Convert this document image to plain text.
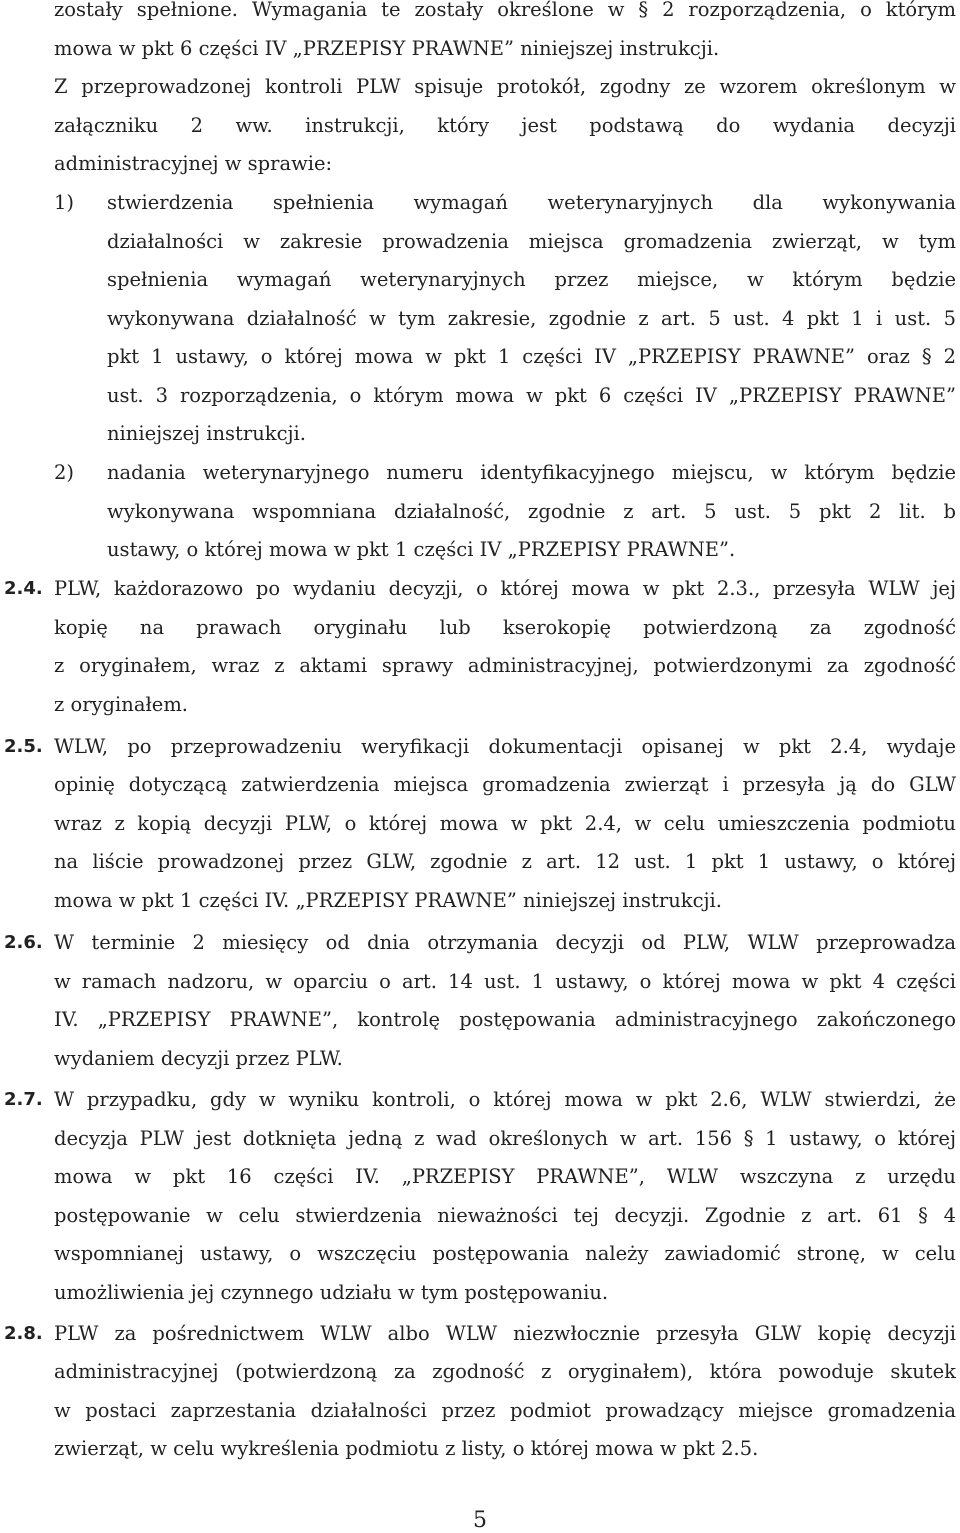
zostały spełnione. Wymagania te zostały określone w § 2 rozporządzenia, o którym
mowa w pkt 6 części IV „PRZEPISY PRAWNE” niniejszej instrukcji.
Z przeprowadzonej kontroli PLW spisuje protokół, zgodny ze wzorem określonym w
załączniku 2 ww. instrukcji, który jest podstawą do wydania decyzji
administracyjnej w sprawie:
1) stwierdzenia spełnienia wymagań weterynaryjnych dla wykonywania
działalności w zakresie prowadzenia miejsca gromadzenia zwierząt, w tym
spełnienia wymagań weterynaryjnych przez miejsce, w którym będzie
wykonywana działalność w tym zakresie, zgodnie z art. 5 ust. 4 pkt 1 i ust. 5
pkt 1 ustawy, o której mowa w pkt 1 części IV „PRZEPISY PRAWNE” oraz § 2
ust. 3 rozporządzenia, o którym mowa w pkt 6 części IV „PRZEPISY PRAWNE”
niniejszej instrukcji.
2) nadania weterynaryjnego numeru identyfikacyjnego miejscu, w którym będzie
wykonywana wspomniana działalność, zgodnie z art. 5 ust. 5 pkt 2 lit. b
ustawy, o której mowa w pkt 1 części IV „PRZEPISY PRAWNE”.
2.4. PLW, każdorazowo po wydaniu decyzji, o której mowa w pkt 2.3., przesyła WLW jej
kopię na prawach oryginału lub kserokopię potwierdzoną za zgodność
z oryginałem, wraz z aktami sprawy administracyjnej, potwierdzonymi za zgodność
z oryginałem.
2.5. WLW, po przeprowadzeniu weryfikacji dokumentacji opisanej w pkt 2.4, wydaje
opinię dotyczącą zatwierdzenia miejsca gromadzenia zwierząt i przesyła ją do GLW
wraz z kopią decyzji PLW, o której mowa w pkt 2.4, w celu umieszczenia podmiotu
na liście prowadzonej przez GLW, zgodnie z art. 12 ust. 1 pkt 1 ustawy, o której
mowa w pkt 1 części IV. „PRZEPISY PRAWNE” niniejszej instrukcji.
2.6. W terminie 2 miesięcy od dnia otrzymania decyzji od PLW, WLW przeprowadza
w ramach nadzoru, w oparciu o art. 14 ust. 1 ustawy, o której mowa w pkt 4 części
IV. „PRZEPISY PRAWNE”, kontrolę postępowania administracyjnego zakończonego
wydaniem decyzji przez PLW.
2.7. W przypadku, gdy w wyniku kontroli, o której mowa w pkt 2.6, WLW stwierdzi, że
decyzja PLW jest dotknięta jedną z wad określonych w art. 156 § 1 ustawy, o której
mowa w pkt 16 części IV. „PRZEPISY PRAWNE”, WLW wszczyna z urzędu
postępowanie w celu stwierdzenia nieważności tej decyzji. Zgodnie z art. 61 § 4
wspomnianej ustawy, o wszczęciu postępowania należy zawiadomić stronę, w celu
umożliwienia jej czynnego udziału w tym postępowaniu.
2.8. PLW za pośrednictwem WLW albo WLW niezwłocznie przesyła GLW kopię decyzji
administracyjnej (potwierdzoną za zgodność z oryginałem), która powoduje skutek
w postaci zaprzestania działalności przez podmiot prowadzący miejsce gromadzenia
zwierząt, w celu wykreślenia podmiotu z listy, o której mowa w pkt 2.5.
5
